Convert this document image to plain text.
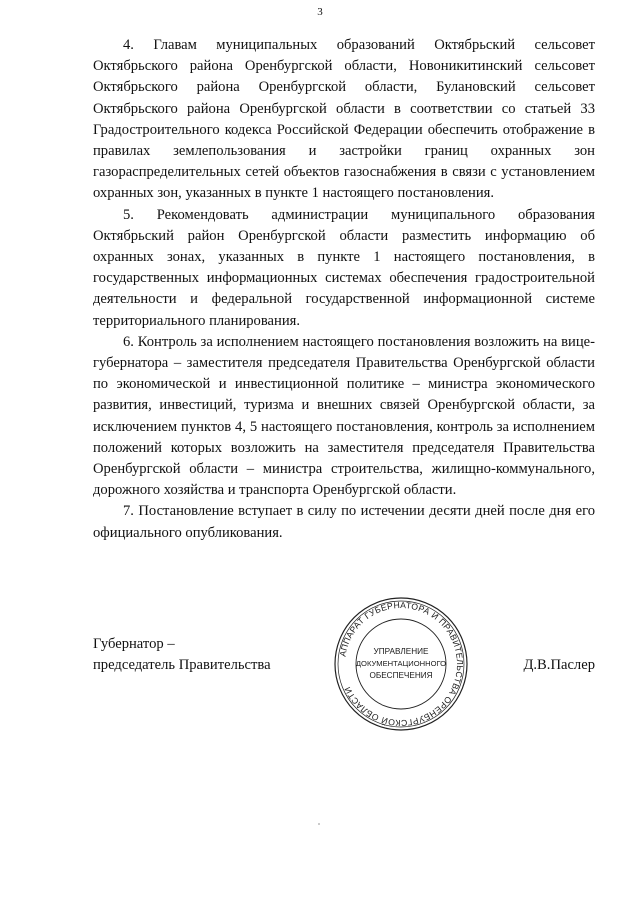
3

4. Главам муниципальных образований Октябрьский сельсовет Октябрьского района Оренбургской области, Новоникитинский сельсовет Октябрьского района Оренбургской области, Булановский сельсовет Октябрьского района Оренбургской области в соответствии со статьей 33 Градостроительного кодекса Российской Федерации обеспечить отображение в правилах землепользования и застройки границ охранных зон газораспределительных сетей объектов газоснабжения в связи с установлением охранных зон, указанных в пункте 1 настоящего постановления.

5. Рекомендовать администрации муниципального образования Октябрьский район Оренбургской области разместить информацию об охранных зонах, указанных в пункте 1 настоящего постановления, в государственных информационных системах обеспечения градостроительной деятельности и федеральной государственной информационной системе территориального планирования.

6. Контроль за исполнением настоящего постановления возложить на вице-губернатора – заместителя председателя Правительства Оренбургской области по экономической и инвестиционной политике – министра экономического развития, инвестиций, туризма и внешних связей Оренбургской области, за исключением пунктов 4, 5 настоящего постановления, контроль за исполнением положений которых возложить на заместителя председателя Правительства Оренбургской области – министра строительства, жилищно-коммунального, дорожного хозяйства и транспорта Оренбургской области.

7. Постановление вступает в силу по истечении десяти дней после дня его официального опубликования.

Губернатор –
председатель Правительства	Д.В.Паслер
АППАРАТ ГУБЕРНАТОРА И ПРАВИТЕЛЬСТВА ОРЕНБУРГСКОЙ ОБЛАСТИ
УПРАВЛЕНИЕ
ДОКУМЕНТАЦИОННОГО
ОБЕСПЕЧЕНИЯ
